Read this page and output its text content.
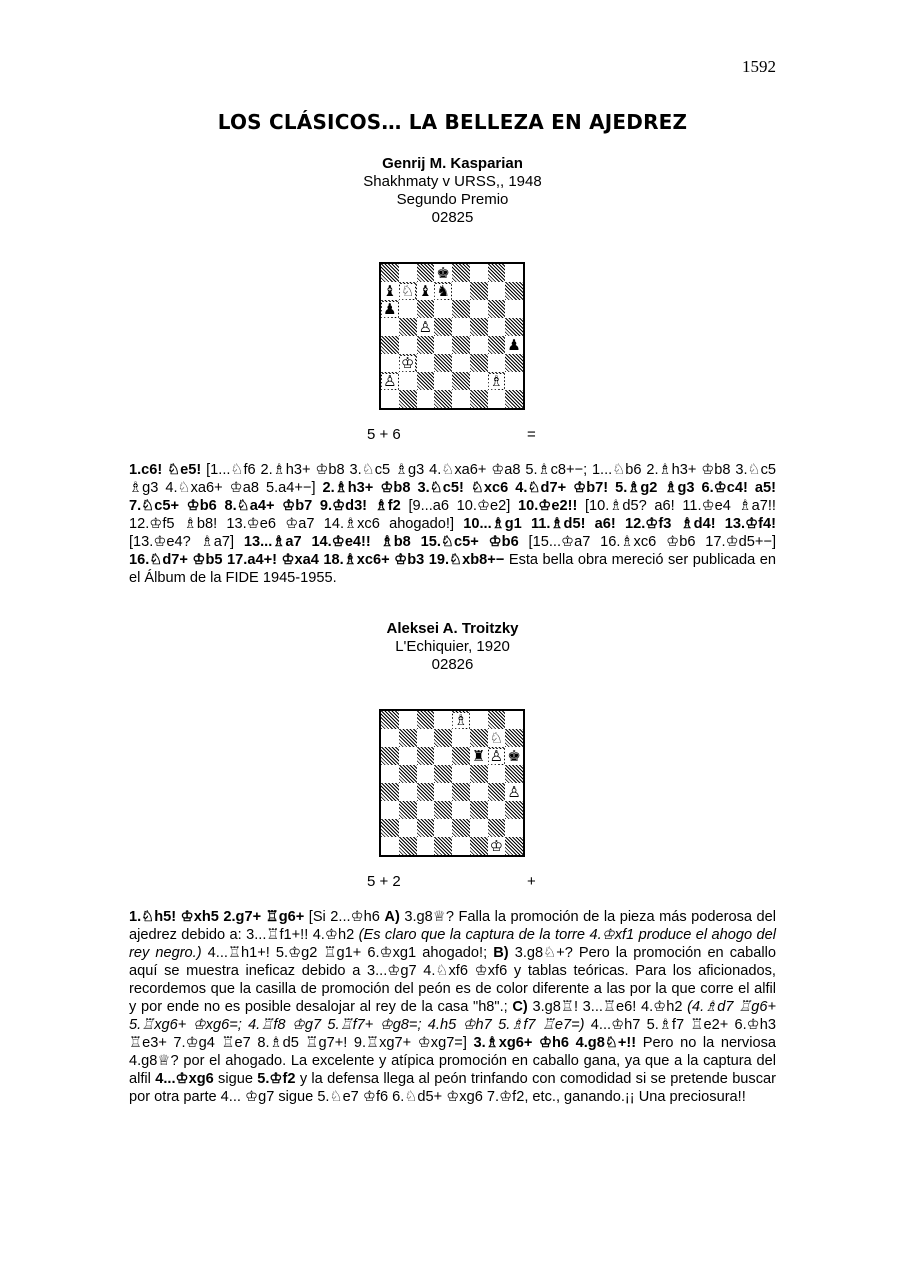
1592
LOS CLÁSICOS… LA BELLEZA EN AJEDREZ
Genrij M. Kasparian
Shakhmaty v URSS,, 1948
Segundo Premio
02825
♚
♝ ♘ ♝ ♞
♟
♙
♟
♔
♙	♗
5 + 6	=

1.c6! ♘e5! [1...♘f6 2.♗h3+ ♔b8 3.♘c5 ♗g3 4.♘xa6+ ♔a8 5.♗c8+−; 1...♘b6 2.♗h3+ ♔b8 3.♘c5 ♗g3 4.♘xa6+ ♔a8 5.a4+−] 2.♗h3+ ♔b8 3.♘c5! ♘xc6 4.♘d7+ ♔b7! 5.♗g2 ♗g3 6.♔c4! a5! 7.♘c5+ ♔b6 8.♘a4+ ♔b7 9.♔d3! ♗f2 [9...a6 10.♔e2] 10.♔e2!! [10.♗d5? a6! 11.♔e4 ♗a7!! 12.♔f5 ♗b8! 13.♔e6 ♔a7 14.♗xc6 ahogado!] 10...♗g1 11.♗d5! a6! 12.♔f3 ♗d4! 13.♔f4! [13.♔e4? ♗a7] 13...♗a7 14.♔e4!! ♗b8 15.♘c5+ ♔b6 [15...♔a7 16.♗xc6 ♔b6 17.♔d5+−] 16.♘d7+ ♔b5 17.a4+! ♔xa4 18.♗xc6+ ♔b3 19.♘xb8+− Esta bella obra mereció ser publicada en el Álbum de la FIDE 1945-1955.

Aleksei A. Troitzky
L'Echiquier, 1920
02826
♗
♘
♜ ♙ ♚
♙
♔
5 + 2	+

1.♘h5! ♔xh5 2.g7+ ♖g6+ [Si 2...♔h6 A) 3.g8♕? Falla la promoción de la pieza más poderosa del ajedrez debido a: 3...♖f1+!! 4.♔h2 (Es claro que la captura de la torre 4.♔xf1 produce el ahogo del rey negro.) 4...♖h1+! 5.♔g2 ♖g1+ 6.♔xg1 ahogado!; B) 3.g8♘+? Pero la promoción en caballo aquí se muestra ineficaz debido a 3...♔g7 4.♘xf6 ♔xf6 y tablas teóricas. Para los aficionados, recordemos que la casilla de promoción del peón es de color diferente a las por la que corre el alfil y por ende no es posible desalojar al rey de la casa "h8".; C) 3.g8♖! 3...♖e6! 4.♔h2 (4.♗d7 ♖g6+ 5.♖xg6+ ♔xg6=; 4.♖f8 ♔g7 5.♖f7+ ♔g8=; 4.h5 ♔h7 5.♗f7 ♖e7=) 4...♔h7 5.♗f7 ♖e2+ 6.♔h3 ♖e3+ 7.♔g4 ♖e7 8.♗d5 ♖g7+! 9.♖xg7+ ♔xg7=] 3.♗xg6+ ♔h6 4.g8♘+!! Pero no la nerviosa 4.g8♕? por el ahogado. La excelente y atípica promoción en caballo gana, ya que a la captura del alfil 4...♔xg6 sigue 5.♔f2 y la defensa llega al peón trinfando con comodidad si se pretende buscar por otra parte 4... ♔g7 sigue 5.♘e7 ♔f6 6.♘d5+ ♔xg6 7.♔f2, etc., ganando.¡¡ Una preciosura!!
